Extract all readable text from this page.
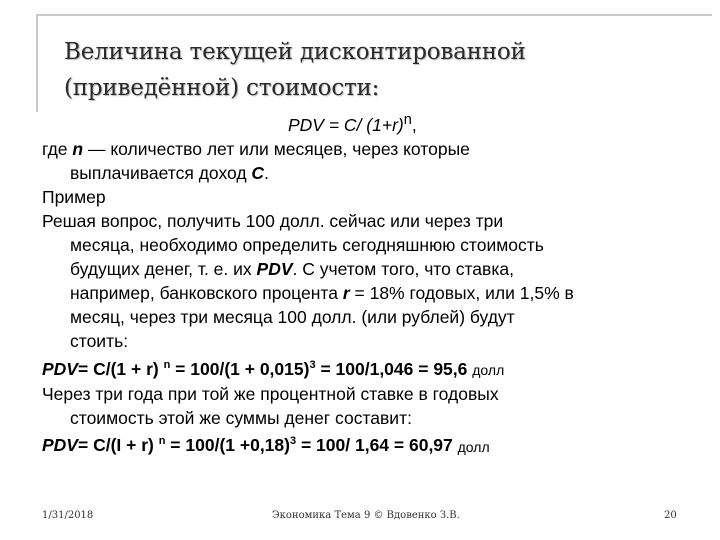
Величина текущей дисконтированной
(приведённой) стоимости:
PDV = C/ $(1+r)^n$,
где n — количество лет или месяцев, через которые
выплачивается доход C.
Пример
Решая вопрос, получить 100 долл. сейчас или через три
месяца, необходимо определить сегодняшнюю стоимость
будущих денег, т. е. их PDV. С учетом того, что ставка,
например, банковского процента r = 18% годовых, или 1,5% в
месяц, через три месяца 100 долл. (или рублей) будут
стоить:
PDV= C/(1 + r) $^n = 100/(1 + 0,015)^3 = 100/1,046 = 95,6$ долл
Через три года при той же процентной ставке в годовых
стоимость этой же суммы денег составит:
PDV= C/(I + r) $^n = 100/(1 +0,18)^3 = 100/$ 1,64 = 60,97 долл
1/31/2018	Экономика Тема 9 © Вдовенко З.В.	20
